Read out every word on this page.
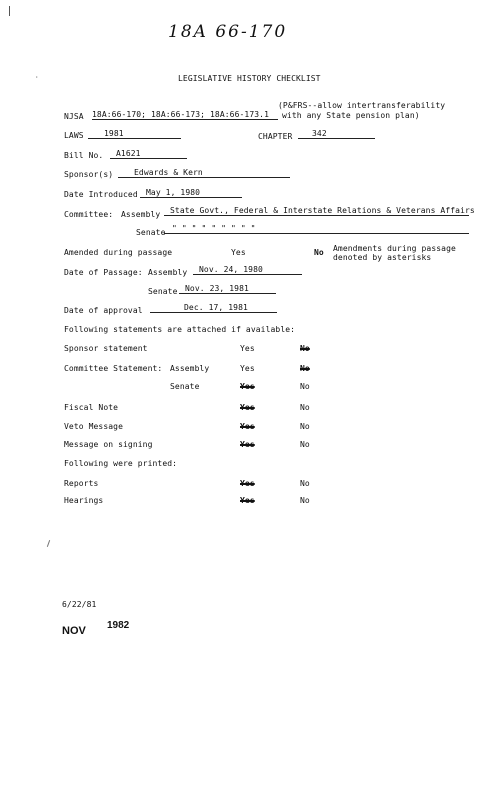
18A 66-170
·	LEGISLATIVE HISTORY CHECKLIST
NJSA 18A:66-170; 18A:66-173; 18A:66-173.1
(P&FRS--allow intertransferability
with any State pension plan)
LAWS	1981	CHAPTER	342
Bill No.	A1621
Sponsor(s)	Edwards & Kern
Date Introduced	May 1, 1980
Committee: Assembly	State Govt., Federal & Interstate Relations & Veterans Affairs
Senate " " " " " " " " "
Amended during passage	Yes	No Amendments during passage
denoted by asterisks
Date of Passage: Assembly	Nov. 24, 1980
Senate Nov. 23, 1981
Date of approval	Dec. 17, 1981
Following statements are attached if available:
Sponsor statement	Yes	No
Committee Statement: Assembly	Yes	No
Senate	Yes	No
Fiscal Note	Yes	No
Veto Message	Yes	No
Message on signing	Yes	No
Following were printed:
Reports	Yes	No
Hearings	Yes	No
6/22/81
NOV 1982
